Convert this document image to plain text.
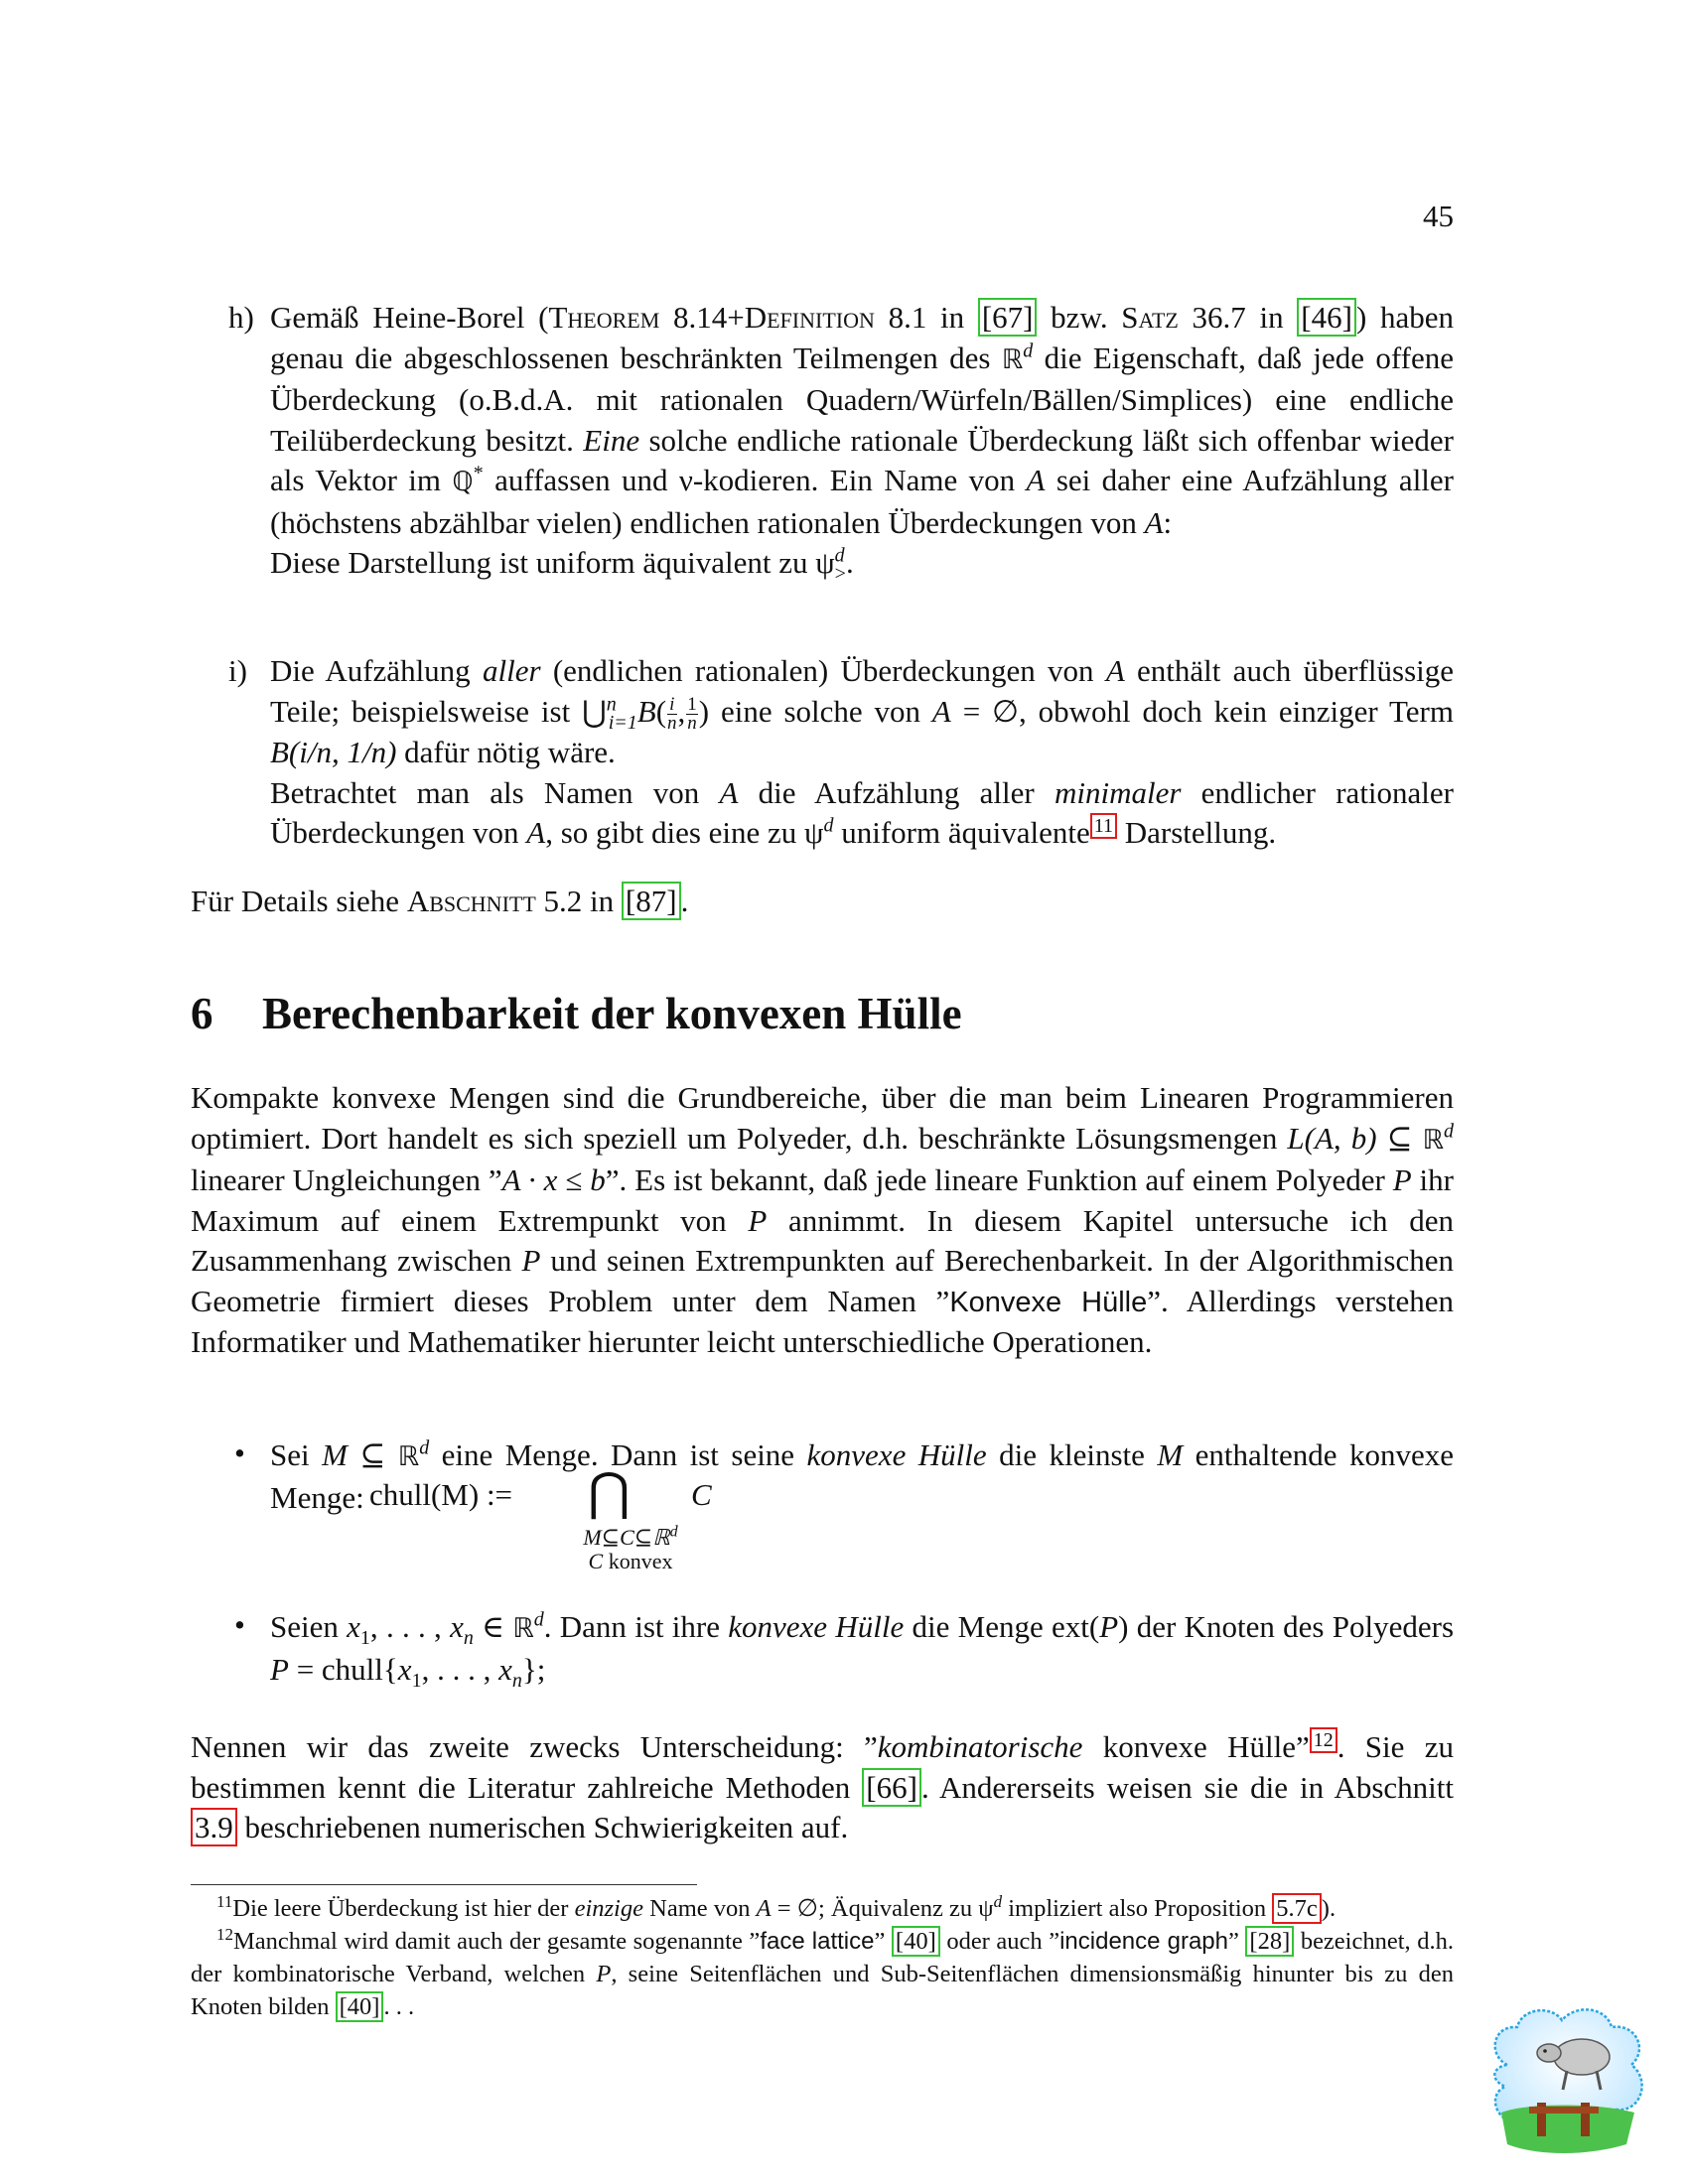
45
h) Gemäß Heine-Borel (Theorem 8.14+Definition 8.1 in [67] bzw. Satz 36.7 in [46] ) haben genau die abgeschlossenen beschränkten Teilmengen des ℝ$^d$ die Eigenschaft, daß jede offene Überdeckung (o.B.d.A. mit rationalen Quadern/Würfeln/Bällen/Simplices) eine endliche Teilüberdeckung besitzt. Eine solche endliche rationale Überdeckung läßt sich offenbar wieder als Vektor im ℚ* auffassen und ν-kodieren. Ein Name von A sei daher eine Aufzählung aller (höchstens abzählbar vielen) endlichen rationalen Überdeckungen von A:
Diese Darstellung ist uniform äquivalent zu $\psi^d_>$.
i) Die Aufzählung aller (endlichen rationalen) Überdeckungen von A enthält auch überflüssige Teile; beispielsweise ist ⋃$^n_{i=1}$B( $\frac{i}{n}$ , $\frac{1}{n}$ ) eine solche von A = ∅, obwohl doch kein einziger Term B(i/n, 1/n) dafür nötig wäre.
Betrachtet man als Namen von A die Aufzählung aller minimaler endlicher rationaler Überdeckungen von A, so gibt dies eine zu $\psi^d$ uniform äquivalente $^{11}$ Darstellung.
Für Details siehe Abschnitt 5.2 in [87] .
6 Berechenbarkeit der konvexen Hülle
Kompakte konvexe Mengen sind die Grundbereiche, über die man beim Linearen Programmieren optimiert. Dort handelt es sich speziell um Polyeder, d.h. beschränkte Lösungsmengen L(A, b) ⊆ ℝ$^d$ linearer Ungleichungen ”A · x ≤ b”. Es ist bekannt, daß jede lineare Funktion auf einem Polyeder P ihr Maximum auf einem Extrempunkt von P annimmt. In diesem Kapitel untersuche ich den Zusammenhang zwischen P und seinen Extrempunkten auf Berechenbarkeit. In der Algorithmischen Geometrie firmiert dieses Problem unter dem Namen ”Konvexe Hülle”. Allerdings verstehen Informatiker und Mathematiker hierunter leicht unterschiedliche Operationen.
• Sei M ⊆ ℝ$^d$ eine Menge. Dann ist seine konvexe Hülle die kleinste M enthaltende konvexe Menge: chull(M) := ⋂ C
M⊆C⊆ℝ$^d$
C konvex
• Seien $x_1$, . . . , $x_n$ ∈ ℝ$^d$. Dann ist ihre konvexe Hülle die Menge ext(P) der Knoten des Polyeders $P = chull\{x_1$, . . . , $x_n$};
Nennen wir das zweite zwecks Unterscheidung: ”kombinatorische konvexe Hülle” $^{12}$ . Sie zu bestimmen kennt die Literatur zahlreiche Methoden [66] . Andererseits weisen sie die in Abschnitt 3.9 beschriebenen numerischen Schwierigkeiten auf.
$^{11}$Die leere Überdeckung ist hier der einzige Name von A = ∅; Äquivalenz zu $\psi^d$ impliziert also Proposition 5.7c ).
$^{12}$Manchmal wird damit auch der gesamte sogenannte ”face lattice” [40] oder auch ”incidence graph” [28] bezeichnet, d.h. der kombinatorische Verband, welchen P, seine Seitenflächen und Sub-Seitenflächen dimensionsmäßig hinunter bis zu den Knoten bilden [40] . . .
